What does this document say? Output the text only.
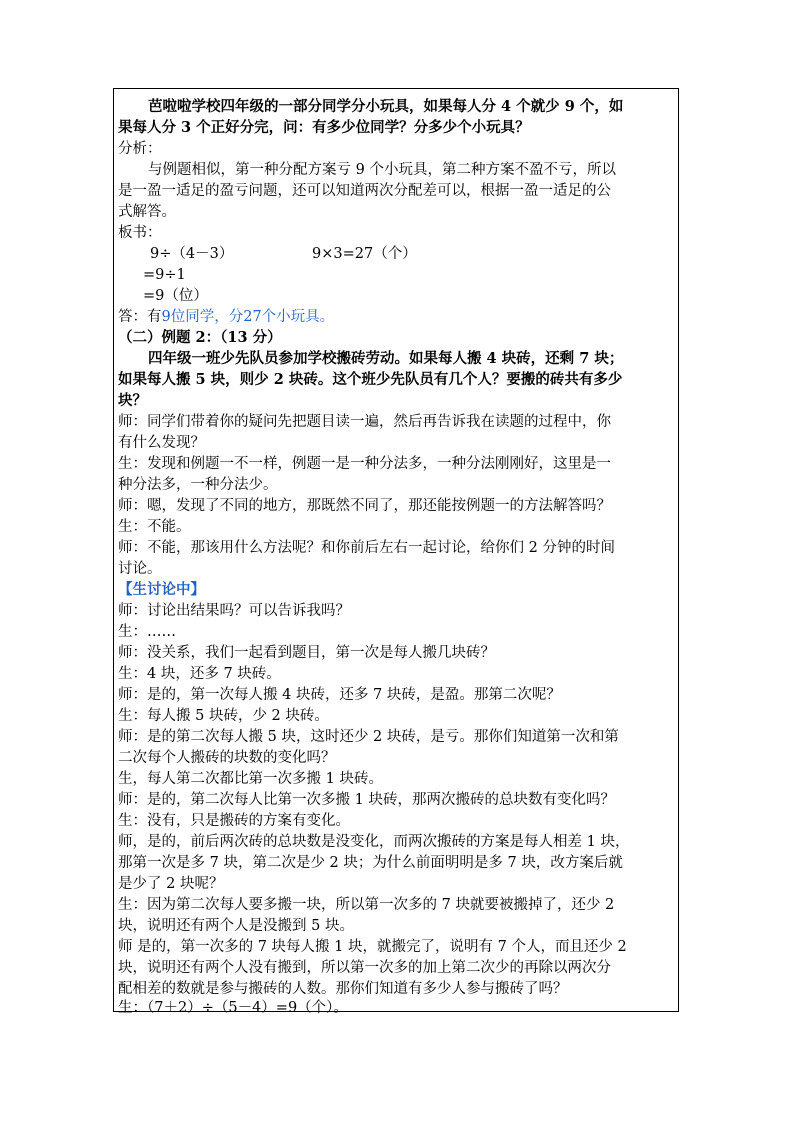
芭啦啦学校四年级的一部分同学分小玩具，如果每人分 4 个就少 9 个，如
果每人分 3 个正好分完，问：有多少位同学？分多少个小玩具？
分析：
与例题相似，第一种分配方案亏 9 个小玩具，第二种方案不盈不亏，所以
是一盈一适足的盈亏问题，还可以知道两次分配差可以，根据一盈一适足的公
式解答。
板书：
9÷（4－3）	9×3=27（个）
=9÷1
=9（位）
答：有9位同学，分27个小玩具。
（二）例题 2：（13 分）
四年级一班少先队员参加学校搬砖劳动。如果每人搬 4 块砖，还剩 7 块；
如果每人搬 5 块，则少 2 块砖。这个班少先队员有几个人？要搬的砖共有多少
块？
师：同学们带着你的疑问先把题目读一遍，然后再告诉我在读题的过程中，你
有什么发现？
生：发现和例题一不一样，例题一是一种分法多，一种分法刚刚好，这里是一
种分法多，一种分法少。
师：嗯，发现了不同的地方，那既然不同了，那还能按例题一的方法解答吗？
生：不能。
师：不能，那该用什么方法呢？和你前后左右一起讨论，给你们 2 分钟的时间
讨论。
【生讨论中】
师：讨论出结果吗？可以告诉我吗？
生：……
师：没关系，我们一起看到题目，第一次是每人搬几块砖？
生：4 块，还多 7 块砖。
师：是的，第一次每人搬 4 块砖，还多 7 块砖，是盈。那第二次呢？
生：每人搬 5 块砖，少 2 块砖。
师：是的第二次每人搬 5 块，这时还少 2 块砖，是亏。那你们知道第一次和第
二次每个人搬砖的块数的变化吗？
生，每人第二次都比第一次多搬 1 块砖。
师：是的，第二次每人比第一次多搬 1 块砖，那两次搬砖的总块数有变化吗？
生：没有，只是搬砖的方案有变化。
师，是的，前后两次砖的总块数是没变化，而两次搬砖的方案是每人相差 1 块，
那第一次是多 7 块，第二次是少 2 块；为什么前面明明是多 7 块，改方案后就
是少了 2 块呢？
生：因为第二次每人要多搬一块，所以第一次多的 7 块就要被搬掉了，还少 2
块，说明还有两个人是没搬到 5 块。
师 是的，第一次多的 7 块每人搬 1 块，就搬完了，说明有 7 个人，而且还少 2
块，说明还有两个人没有搬到，所以第一次多的加上第二次少的再除以两次分
配相差的数就是参与搬砖的人数。那你们知道有多少人参与搬砖了吗？
生：（7＋2）÷（5－4）=9（个）。
